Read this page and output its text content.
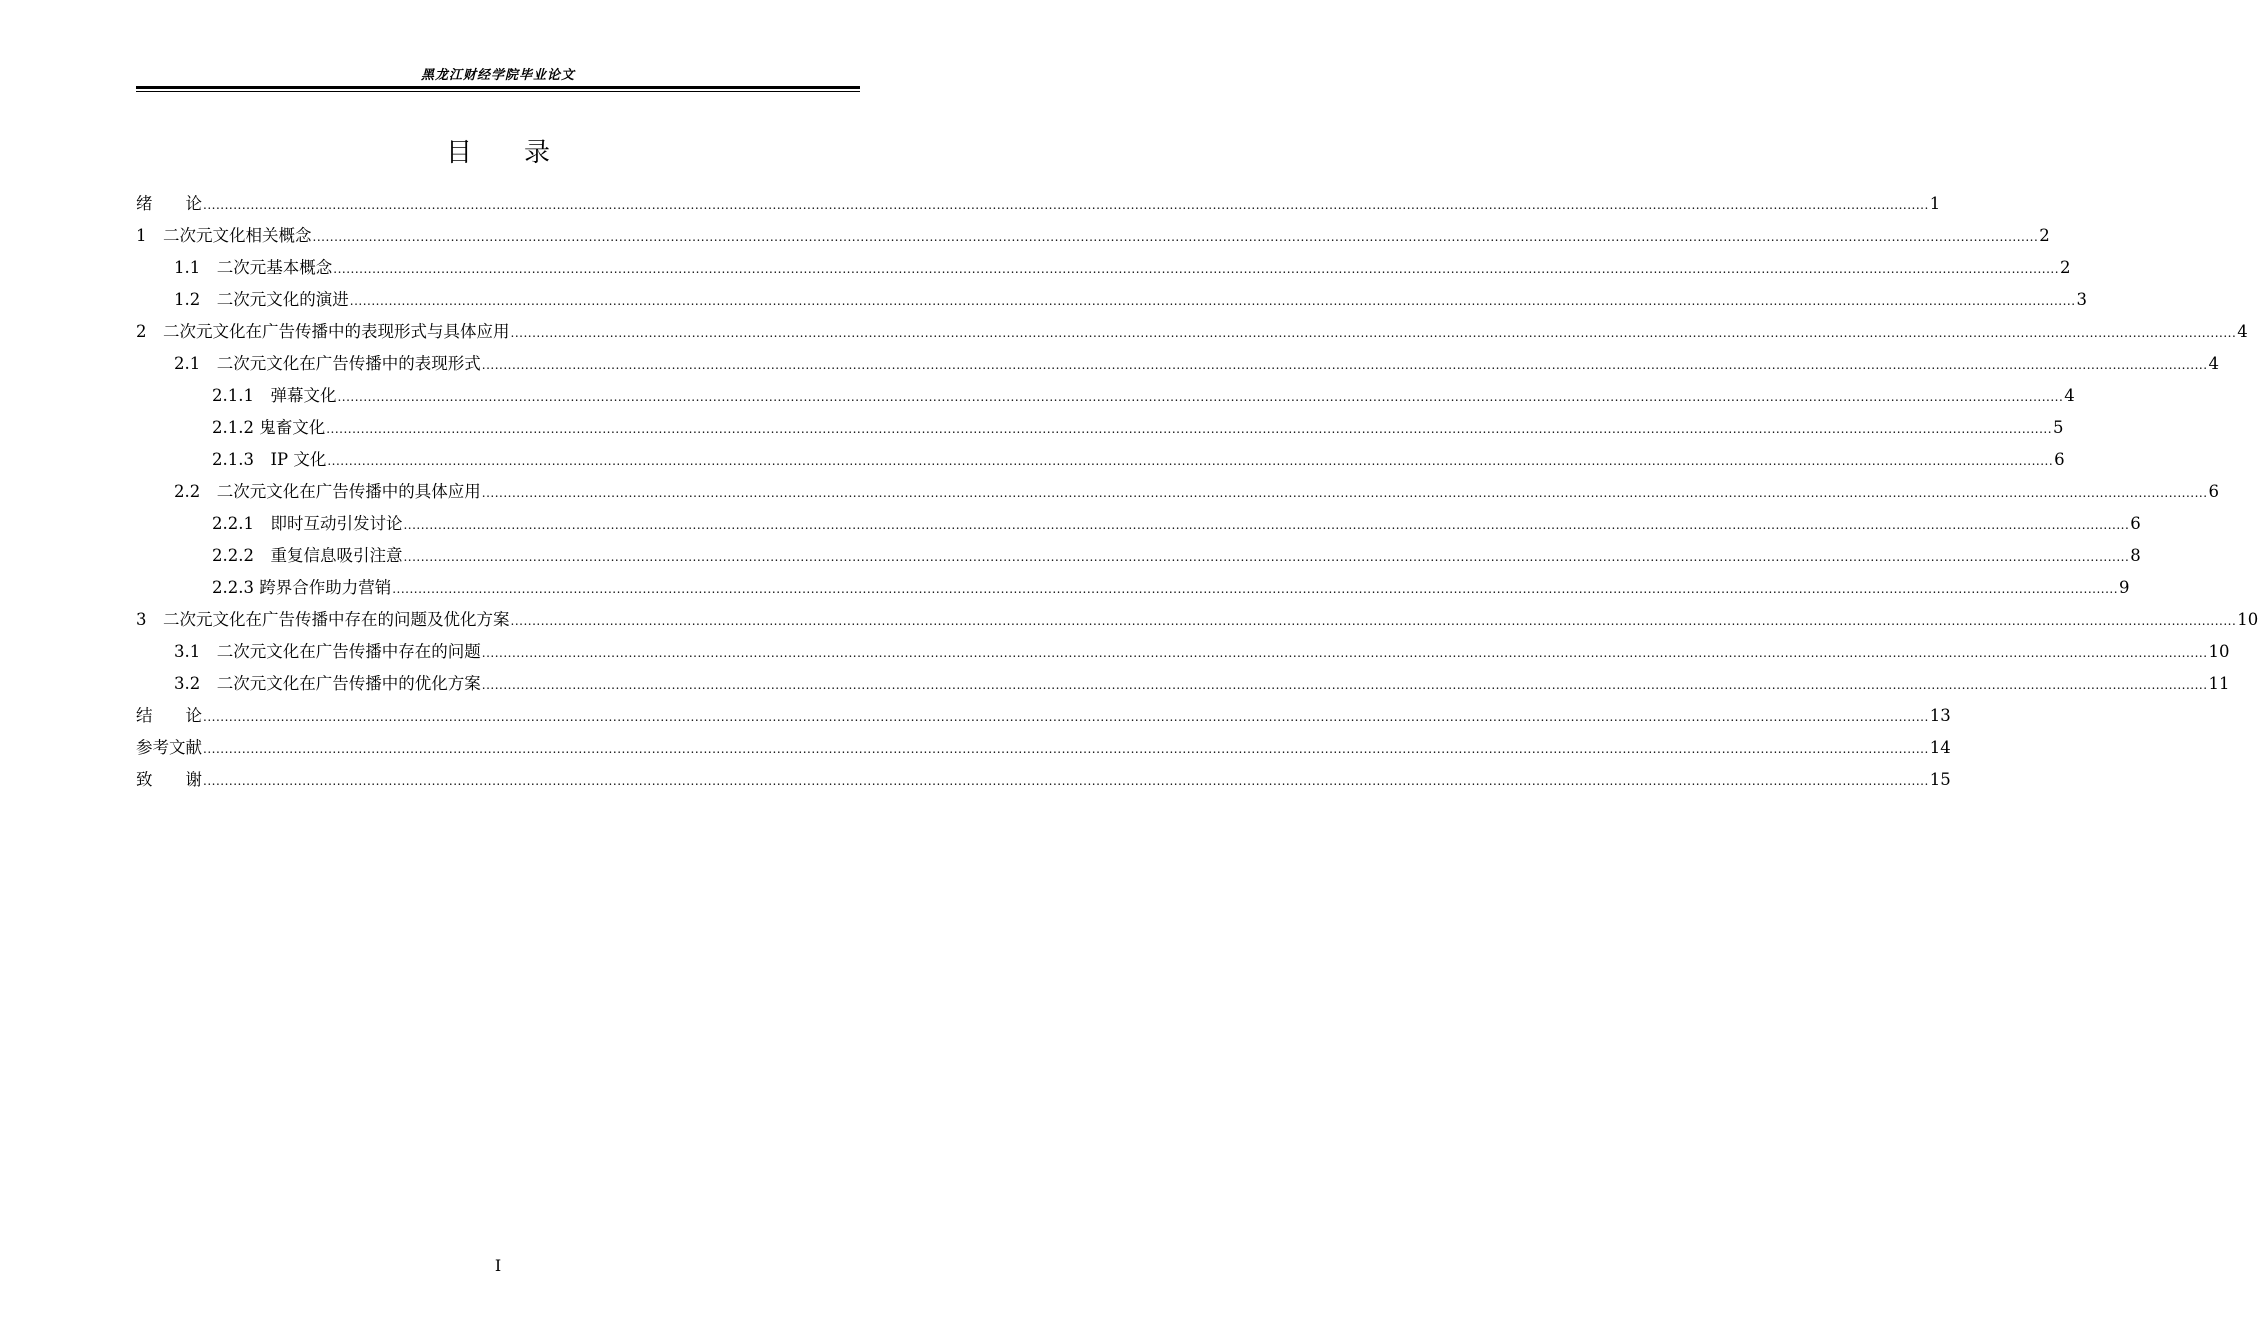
黑龙江财经学院毕业论文
目 录
绪　　论 ................................................................................................................................................................................................................................................................................................................................................................................................................ 1
1　二次元文化相关概念 ................................................................................................................................................................................................................................................................................................................................................................................................................ 2
1.1　二次元基本概念 ................................................................................................................................................................................................................................................................................................................................................................................................................ 2
1.2　二次元文化的演进 ................................................................................................................................................................................................................................................................................................................................................................................................................ 3
2　二次元文化在广告传播中的表现形式与具体应用 ................................................................................................................................................................................................................................................................................................................................................................................................................ 4
2.1　二次元文化在广告传播中的表现形式 ................................................................................................................................................................................................................................................................................................................................................................................................................ 4
2.1.1　弹幕文化 ................................................................................................................................................................................................................................................................................................................................................................................................................ 4
2.1.2 鬼畜文化 ................................................................................................................................................................................................................................................................................................................................................................................................................ 5
2.1.3　IP 文化 ................................................................................................................................................................................................................................................................................................................................................................................................................ 6
2.2　二次元文化在广告传播中的具体应用 ................................................................................................................................................................................................................................................................................................................................................................................................................ 6
2.2.1　即时互动引发讨论 ................................................................................................................................................................................................................................................................................................................................................................................................................ 6
2.2.2　重复信息吸引注意 ................................................................................................................................................................................................................................................................................................................................................................................................................ 8
2.2.3 跨界合作助力营销 ................................................................................................................................................................................................................................................................................................................................................................................................................ 9
3　二次元文化在广告传播中存在的问题及优化方案 ................................................................................................................................................................................................................................................................................................................................................................................................................ 10
3.1　二次元文化在广告传播中存在的问题 ................................................................................................................................................................................................................................................................................................................................................................................................................ 10
3.2　二次元文化在广告传播中的优化方案 ................................................................................................................................................................................................................................................................................................................................................................................................................ 11
结　　论 ................................................................................................................................................................................................................................................................................................................................................................................................................ 13
参考文献 ................................................................................................................................................................................................................................................................................................................................................................................................................ 14
致　　谢 ................................................................................................................................................................................................................................................................................................................................................................................................................ 15
I
